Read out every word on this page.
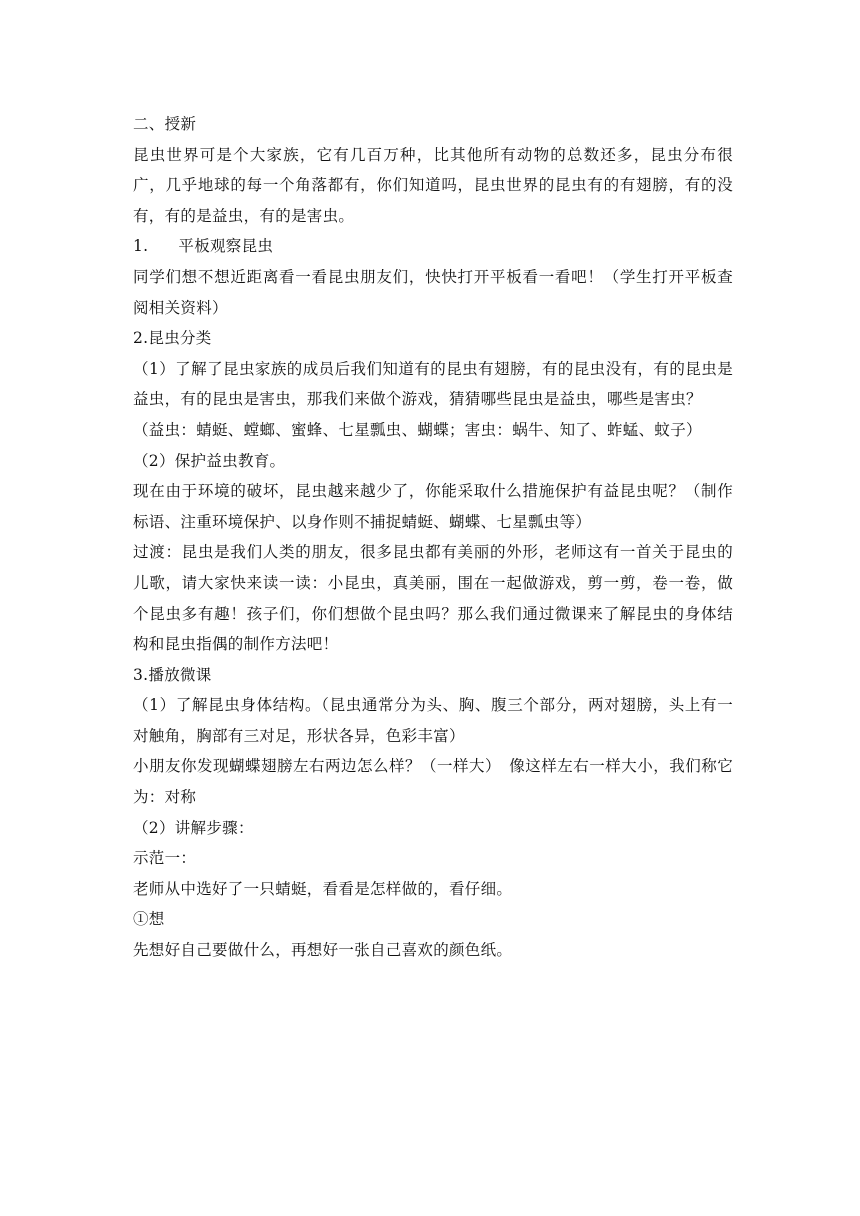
二、授新

昆虫世界可是个大家族，它有几百万种，比其他所有动物的总数还多，昆虫分布很广，几乎地球的每一个角落都有，你们知道吗，昆虫世界的昆虫有的有翅膀，有的没有，有的是益虫，有的是害虫。

1. 平板观察昆虫

同学们想不想近距离看一看昆虫朋友们，快快打开平板看一看吧！（学生打开平板查阅相关资料）

2.昆虫分类

（1）了解了昆虫家族的成员后我们知道有的昆虫有翅膀，有的昆虫没有，有的昆虫是益虫，有的昆虫是害虫，那我们来做个游戏，猜猜哪些昆虫是益虫，哪些是害虫？

（益虫：蜻蜓、螳螂、蜜蜂、七星瓢虫、蝴蝶；害虫：蜗牛、知了、蚱蜢、蚊子）

（2）保护益虫教育。

现在由于环境的破坏，昆虫越来越少了，你能采取什么措施保护有益昆虫呢？（制作标语、注重环境保护、以身作则不捕捉蜻蜓、蝴蝶、七星瓢虫等）

过渡：昆虫是我们人类的朋友，很多昆虫都有美丽的外形，老师这有一首关于昆虫的儿歌，请大家快来读一读：小昆虫，真美丽，围在一起做游戏，剪一剪，卷一卷，做个昆虫多有趣！孩子们，你们想做个昆虫吗？那么我们通过微课来了解昆虫的身体结构和昆虫指偶的制作方法吧！

3.播放微课

（1）了解昆虫身体结构。（昆虫通常分为头、胸、腹三个部分，两对翅膀，头上有一对触角，胸部有三对足，形状各异，色彩丰富）

小朋友你发现蝴蝶翅膀左右两边怎么样？（一样大）　像这样左右一样大小，我们称它为：对称

（2）讲解步骤：

示范一：

老师从中选好了一只蜻蜓，看看是怎样做的，看仔细。

①想

先想好自己要做什么，再想好一张自己喜欢的颜色纸。
